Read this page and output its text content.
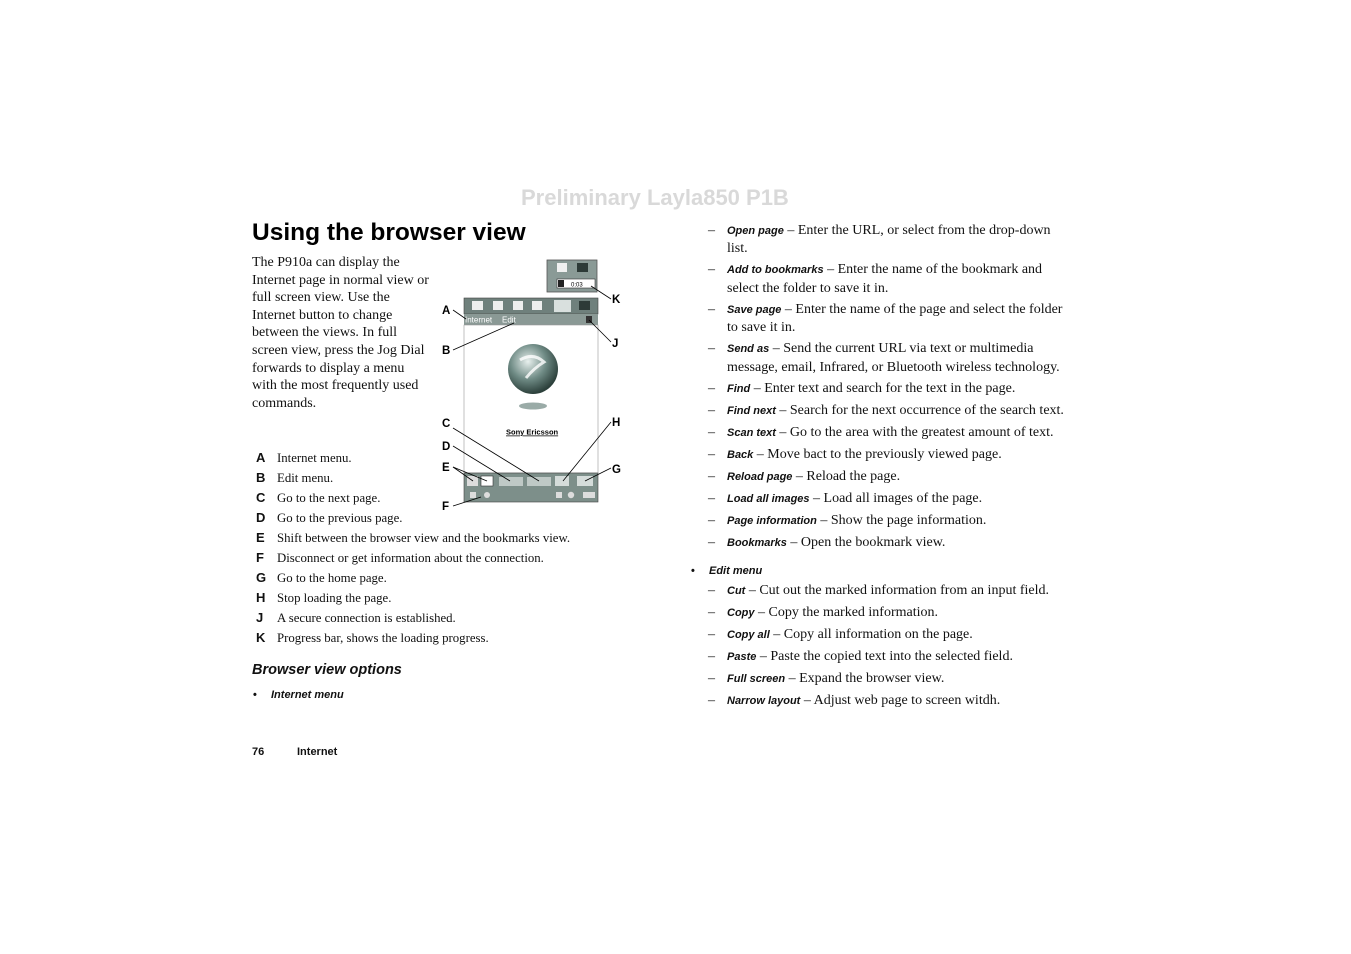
Preliminary Layla850 P1B
Using the browser view
The P910a can display the Internet page in normal view or full screen view. Use the Internet button to change between the views. In full screen view, press the Jog Dial forwards to display a menu with the most frequently used commands.
0:03
Internet Edit
Sony Ericsson
A
B
C
D
E
F
G
H
J
K
A Internet menu.
B Edit menu.
C Go to the next page.
D Go to the previous page.
E Shift between the browser view and the bookmarks view.
F	Disconnect or get information about the connection.
G Go to the home page.
H Stop loading the page.
J	A secure connection is established.
K Progress bar, shows the loading progress.
Browser view options
• Internet menu
76	Internet
– Open page – Enter the URL, or select from the drop-down list.
– Add to bookmarks – Enter the name of the bookmark and select the folder to save it in.
– Save page – Enter the name of the page and select the folder to save it in.
– Send as – Send the current URL via text or multimedia message, email, Infrared, or Bluetooth wireless technology.
– Find – Enter text and search for the text in the page.
– Find next – Search for the next occurrence of the search text.
– Scan text – Go to the area with the greatest amount of text.
– Back – Move bact to the previously viewed page.
– Reload page – Reload the page.
– Load all images – Load all images of the page.
– Page information – Show the page information.
– Bookmarks – Open the bookmark view.
• Edit menu
– Cut – Cut out the marked information from an input field.
– Copy – Copy the marked information.
– Copy all – Copy all information on the page.
– Paste – Paste the copied text into the selected field.
– Full screen – Expand the browser view.
– Narrow layout – Adjust web page to screen witdh.
